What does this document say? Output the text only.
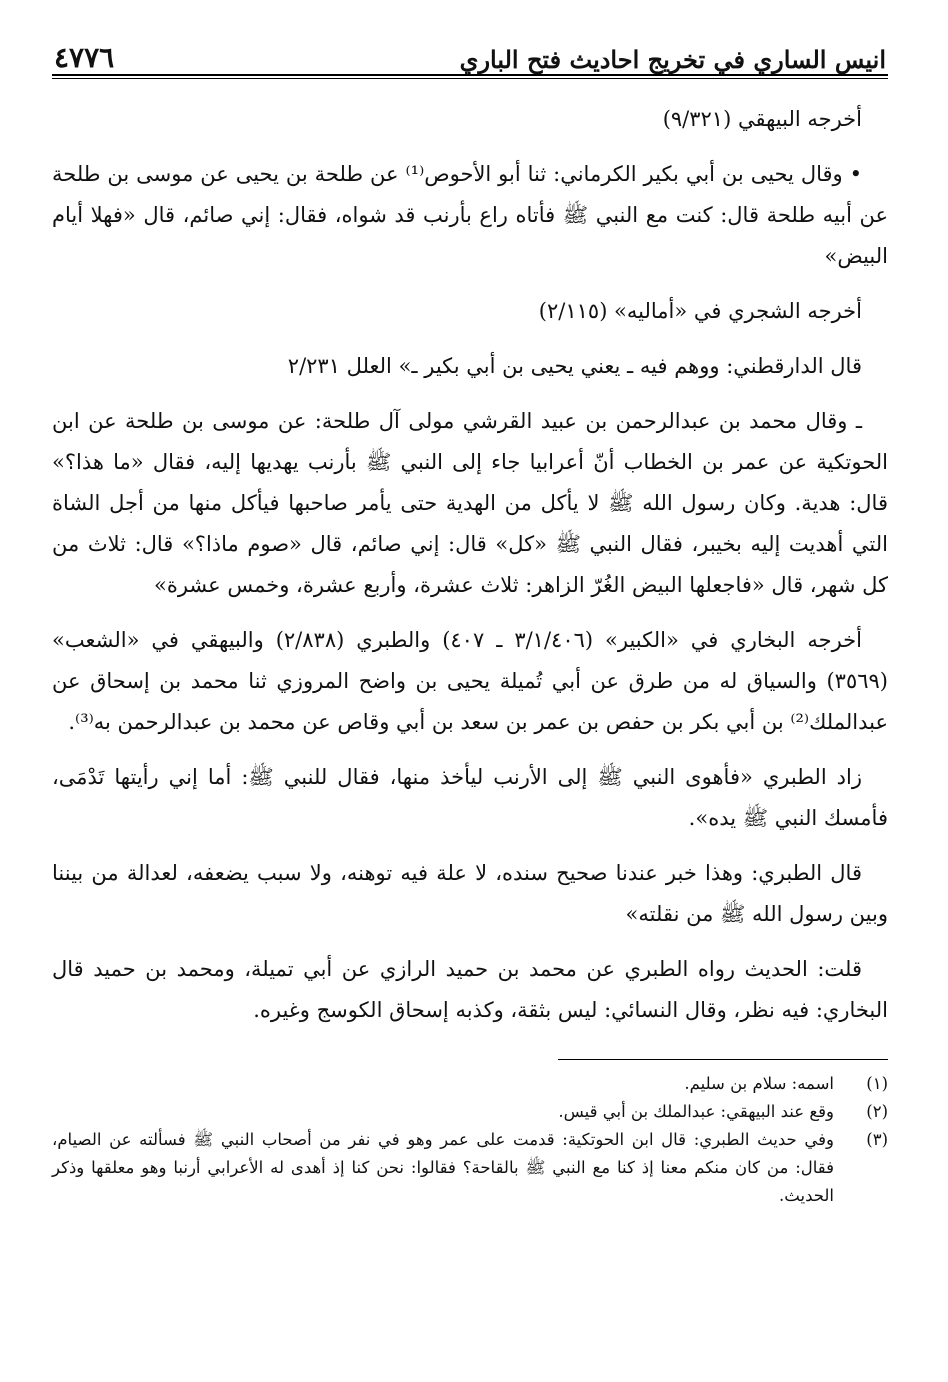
انيس الساري في تخريج احاديث فتح الباري
٤٧٧٦

أخرجه البيهقي (٩/٣٢١)

• وقال يحيى بن أبي بكير الكرماني: ثنا أبو الأحوص⁽¹⁾ عن طلحة بن يحيى عن موسى بن طلحة عن أبيه طلحة قال: كنت مع النبي ﷺ فأتاه راع بأرنب قد شواه، فقال: إني صائم، قال «فهلا أيام البيض»

أخرجه الشجري في «أماليه» (٢/١١٥)

قال الدارقطني: ووهم فيه ـ يعني يحيى بن أبي بكير ـ» العلل ٢/٢٣١

ـ وقال محمد بن عبدالرحمن بن عبيد القرشي مولى آل طلحة: عن موسى بن طلحة عن ابن الحوتكية عن عمر بن الخطاب أنّ أعرابيا جاء إلى النبي ﷺ بأرنب يهديها إليه، فقال «ما هذا؟» قال: هدية. وكان رسول الله ﷺ لا يأكل من الهدية حتى يأمر صاحبها فيأكل منها من أجل الشاة التي أهديت إليه بخيبر، فقال النبي ﷺ «كل» قال: إني صائم، قال «صوم ماذا؟» قال: ثلاث من كل شهر، قال «فاجعلها البيض الغُرّ الزاهر: ثلاث عشرة، وأربع عشرة، وخمس عشرة»

أخرجه البخاري في «الكبير» (٣/١/٤٠٦ ـ ٤٠٧) والطبري (٢/٨٣٨) والبيهقي في «الشعب» (٣٥٦٩) والسياق له من طرق عن أبي تُميلة يحيى بن واضح المروزي ثنا محمد بن إسحاق عن عبدالملك⁽²⁾ بن أبي بكر بن حفص بن عمر بن سعد بن أبي وقاص عن محمد بن عبدالرحمن به⁽³⁾.

زاد الطبري «فأهوى النبي ﷺ إلى الأرنب ليأخذ منها، فقال للنبي ﷺ: أما إني رأيتها تَدْمَى، فأمسك النبي ﷺ يده».

قال الطبري: وهذا خبر عندنا صحيح سنده، لا علة فيه توهنه، ولا سبب يضعفه، لعدالة من بيننا وبين رسول الله ﷺ من نقلته»

قلت: الحديث رواه الطبري عن محمد بن حميد الرازي عن أبي تميلة، ومحمد بن حميد قال البخاري: فيه نظر، وقال النسائي: ليس بثقة، وكذبه إسحاق الكوسج وغيره.

(١)
اسمه: سلام بن سليم.
(٢)
وقع عند البيهقي: عبدالملك بن أبي قيس.
(٣)
وفي حديث الطبري: قال ابن الحوتكية: قدمت على عمر وهو في نفر من أصحاب النبي ﷺ فسألته عن الصيام، فقال: من كان منكم معنا إذ كنا مع النبي ﷺ بالقاحة؟ فقالوا: نحن كنا إذ أهدى له الأعرابي أرنبا وهو معلقها وذكر الحديث.
